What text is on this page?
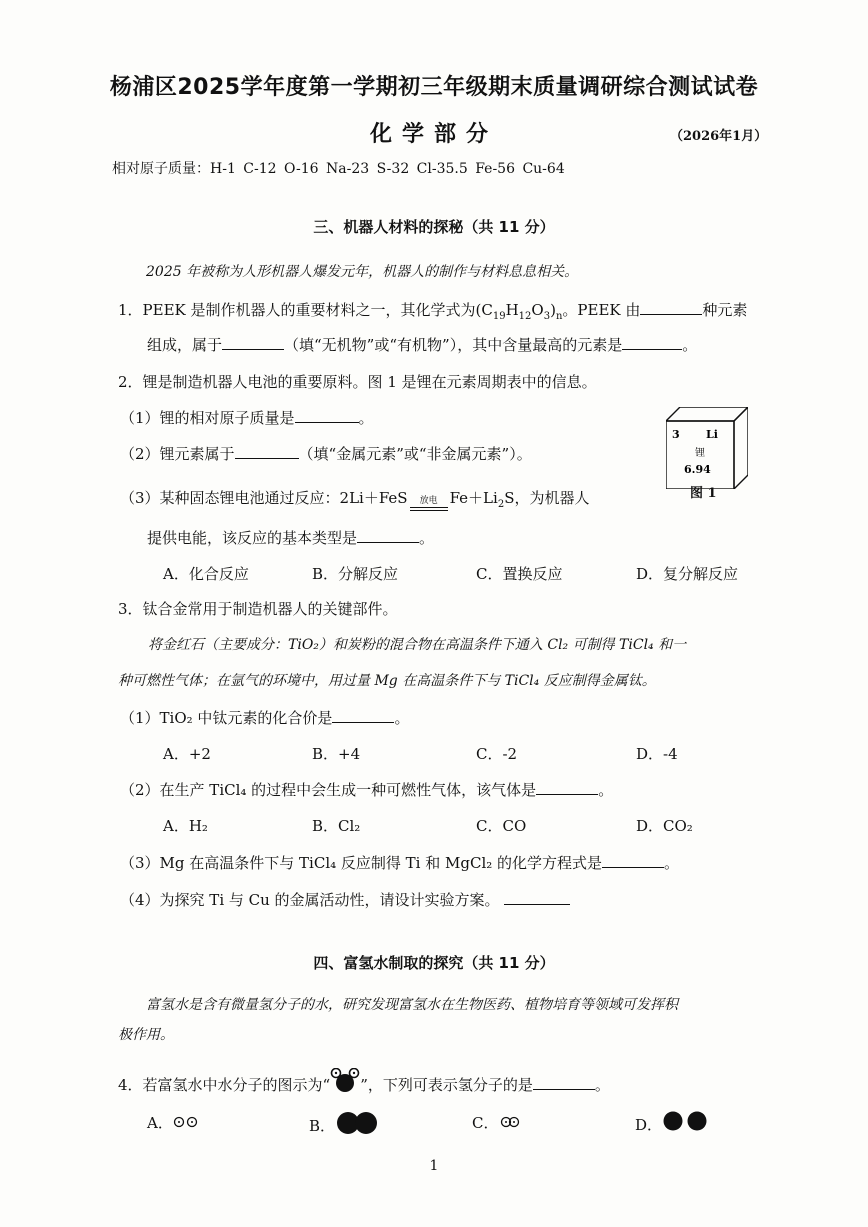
杨浦区2025学年度第一学期初三年级期末质量调研综合测试试卷
化学部分	（2026年1月）
相对原子质量：H-1 C-12 O-16 Na-23 S-32 Cl-35.5 Fe-56 Cu-64
三、机器人材料的探秘（共 11 分）
2025 年被称为人形机器人爆发元年，机器人的制作与材料息息相关。
1．PEEK 是制作机器人的重要材料之一，其化学式为$(C_{19}H_{12}O_3)_n$。PEEK 由	种元素
组成，属于	（填“无机物”或“有机物”），其中含量最高的元素是	。
2．锂是制造机器人电池的重要原料。图 1 是锂在元素周期表中的信息。
（1）锂的相对原子质量是	。
（2）锂元素属于	（填“金属元素”或“非金属元素”）。
（3）某种固态锂电池通过反应：2Li＋FeS 放电 $Fe+Li_2S$，为机器人
提供电能，该反应的基本类型是	。
A．化合反应	B．分解反应	C．置换反应	D．复分解反应
3 Li
锂
6.94
图 1
3．钛合金常用于制造机器人的关键部件。
将金红石（主要成分：TiO₂）和炭粉的混合物在高温条件下通入 Cl₂ 可制得 TiCl₄ 和一
种可燃性气体；在氩气的环境中，用过量 Mg 在高温条件下与 TiCl₄ 反应制得金属钛。
（1）TiO₂ 中钛元素的化合价是	。
A．+2	B．+4	C．-2	D．-4
（2）在生产 TiCl₄ 的过程中会生成一种可燃性气体，该气体是	。
A．H₂	B．Cl₂	C．CO	D．CO₂
（3）Mg 在高温条件下与 TiCl₄ 反应制得 Ti 和 MgCl₂ 的化学方程式是	。
（4）为探究 Ti 与 Cu 的金属活动性，请设计实验方案。
四、富氢水制取的探究（共 11 分）
富氢水是含有微量氢分子的水，研究发现富氢水在生物医药、植物培育等领域可发挥积
极作用。
4．若富氢水中水分子的图示为“ ”，下列可表示氢分子的是	。
A．	B．	C．	D．
1
